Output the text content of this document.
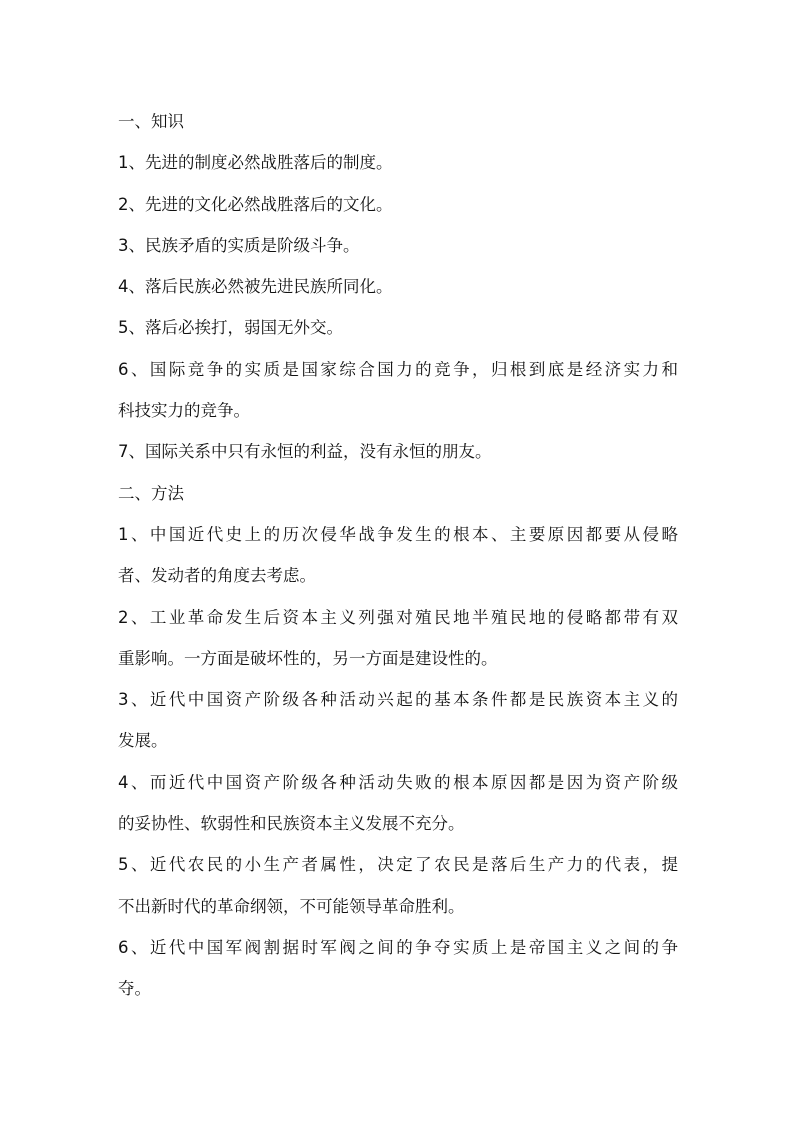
一、知识
1、先进的制度必然战胜落后的制度。
2、先进的文化必然战胜落后的文化。
3、民族矛盾的实质是阶级斗争。
4、落后民族必然被先进民族所同化。
5、落后必挨打，弱国无外交。
6、国际竞争的实质是国家综合国力的竞争，归根到底是经济实力和
科技实力的竞争。
7、国际关系中只有永恒的利益，没有永恒的朋友。
二、方法
1、中国近代史上的历次侵华战争发生的根本、主要原因都要从侵略
者、发动者的角度去考虑。
2、工业革命发生后资本主义列强对殖民地半殖民地的侵略都带有双
重影响。一方面是破坏性的，另一方面是建设性的。
3、近代中国资产阶级各种活动兴起的基本条件都是民族资本主义的
发展。
4、而近代中国资产阶级各种活动失败的根本原因都是因为资产阶级
的妥协性、软弱性和民族资本主义发展不充分。
5、近代农民的小生产者属性，决定了农民是落后生产力的代表，提
不出新时代的革命纲领，不可能领导革命胜利。
6、近代中国军阀割据时军阀之间的争夺实质上是帝国主义之间的争
夺。
